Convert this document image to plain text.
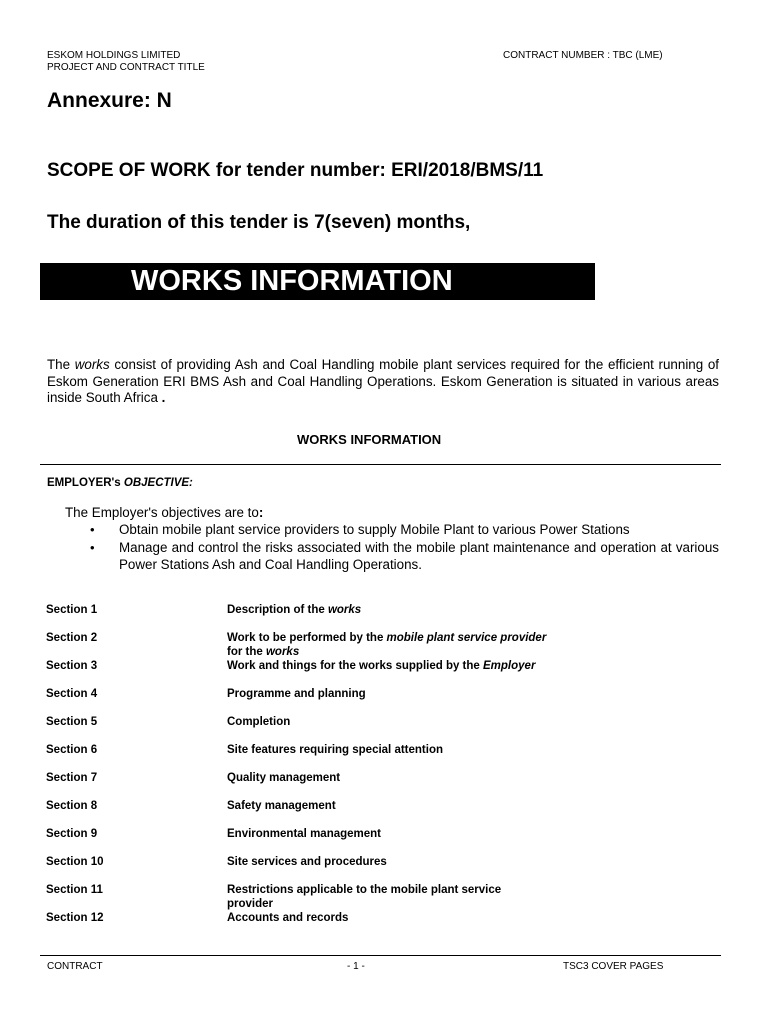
ESKOM HOLDINGS LIMITED
PROJECT AND CONTRACT TITLE
CONTRACT NUMBER : TBC (LME)
Annexure: N
SCOPE OF WORK for tender number: ERI/2018/BMS/11
The duration of this tender is 7(seven) months,
WORKS INFORMATION
The works consist of providing Ash and Coal Handling mobile plant services required for the efficient running of Eskom Generation ERI BMS Ash and Coal Handling Operations. Eskom Generation is situated in various areas inside South Africa .
WORKS INFORMATION
EMPLOYER's OBJECTIVE:
The Employer's objectives are to:
• Obtain mobile plant service providers to supply Mobile Plant to various Power Stations
• Manage and control the risks associated with the mobile plant maintenance and operation at various Power Stations Ash and Coal Handling Operations.
Section 1	Description of the works
Section 2	Work to be performed by the mobile plant service provider
for the works
Section 3	Work and things for the works supplied by the Employer
Section 4	Programme and planning
Section 5	Completion
Section 6	Site features requiring special attention
Section 7	Quality management
Section 8	Safety management
Section 9	Environmental management
Section 10	Site services and procedures
Section 11	Restrictions applicable to the mobile plant service
provider
Section 12	Accounts and records
CONTRACT	- 1 -	TSC3 COVER PAGES
